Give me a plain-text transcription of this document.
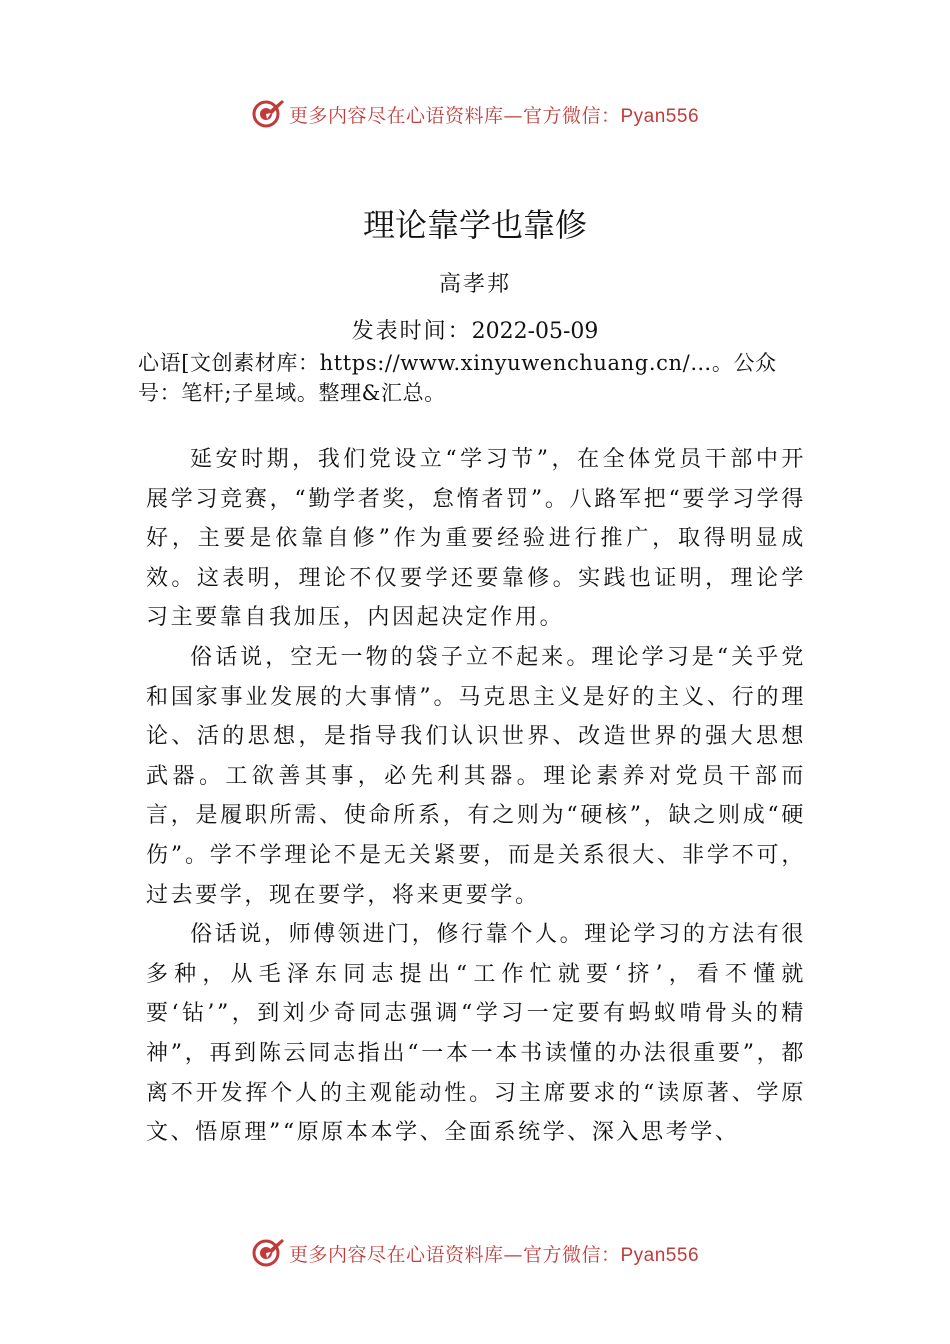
更多内容尽在心语资料库—官方微信：Pyan556
理论靠学也靠修
高孝邦
发表时间：2022-05-09
心语[文创素材库：https://www.xinyuwenchuang.cn/…。公众号：笔杆;子星域。整理&汇总。

延安时期，我们党设立“学习节”，在全体党员干部中开展学习竞赛，“勤学者奖，怠惰者罚”。八路军把“要学习学得好，主要是依靠自修”作为重要经验进行推广，取得明显成效。这表明，理论不仅要学还要靠修。实践也证明，理论学习主要靠自我加压，内因起决定作用。

俗话说，空无一物的袋子立不起来。理论学习是“关乎党和国家事业发展的大事情”。马克思主义是好的主义、行的理论、活的思想，是指导我们认识世界、改造世界的强大思想武器。工欲善其事，必先利其器。理论素养对党员干部而言，是履职所需、使命所系，有之则为“硬核”，缺之则成“硬伤”。学不学理论不是无关紧要，而是关系很大、非学不可，过去要学，现在要学，将来更要学。

俗话说，师傅领进门，修行靠个人。理论学习的方法有很多种，从毛泽东同志提出“工作忙就要‘挤’，看不懂就要‘钻’”，到刘少奇同志强调“学习一定要有蚂蚁啃骨头的精神”，再到陈云同志指出“一本一本书读懂的办法很重要”，都离不开发挥个人的主观能动性。习主席要求的“读原著、学原文、悟原理”“原原本本学、全面系统学、深入思考学、

更多内容尽在心语资料库—官方微信：Pyan556
